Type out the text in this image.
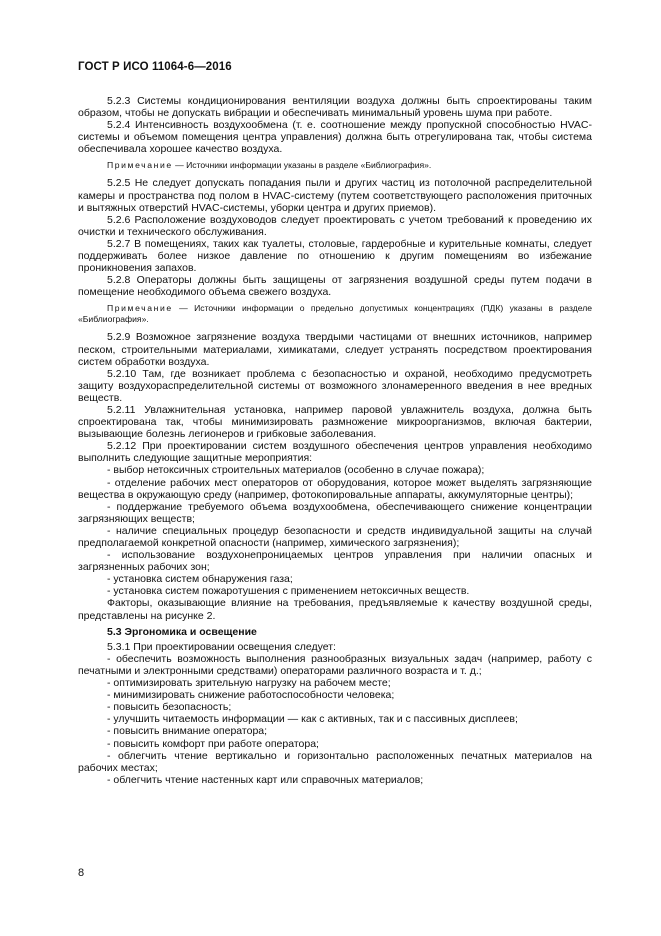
ГОСТ Р ИСО 11064-6—2016

5.2.3 Системы кондиционирования вентиляции воздуха должны быть спроектированы таким образом, чтобы не допускать вибрации и обеспечивать минимальный уровень шума при работе.

5.2.4 Интенсивность воздухообмена (т. е. соотношение между пропускной способностью HVAC-системы и объемом помещения центра управления) должна быть отрегулирована так, чтобы система обеспечивала хорошее качество воздуха.

Примечание — Источники информации указаны в разделе «Библиография».

5.2.5 Не следует допускать попадания пыли и других частиц из потолочной распределительной камеры и пространства под полом в HVAC-систему (путем соответствующего расположения приточных и вытяжных отверстий HVAC-системы, уборки центра и других приемов).

5.2.6 Расположение воздуховодов следует проектировать с учетом требований к проведению их очистки и технического обслуживания.

5.2.7 В помещениях, таких как туалеты, столовые, гардеробные и курительные комнаты, следует поддерживать более низкое давление по отношению к другим помещениям во избежание проникновения запахов.

5.2.8 Операторы должны быть защищены от загрязнения воздушной среды путем подачи в помещение необходимого объема свежего воздуха.

Примечание — Источники информации о предельно допустимых концентрациях (ПДК) указаны в разделе «Библиография».

5.2.9 Возможное загрязнение воздуха твердыми частицами от внешних источников, например песком, строительными материалами, химикатами, следует устранять посредством проектирования систем обработки воздуха.

5.2.10 Там, где возникает проблема с безопасностью и охраной, необходимо предусмотреть защиту воздухораспределительной системы от возможного злонамеренного введения в нее вредных веществ.

5.2.11 Увлажнительная установка, например паровой увлажнитель воздуха, должна быть спроектирована так, чтобы минимизировать размножение микроорганизмов, включая бактерии, вызывающие болезнь легионеров и грибковые заболевания.

5.2.12 При проектировании систем воздушного обеспечения центров управления необходимо выполнить следующие защитные мероприятия:

- выбор нетоксичных строительных материалов (особенно в случае пожара);

- отделение рабочих мест операторов от оборудования, которое может выделять загрязняющие вещества в окружающую среду (например, фотокопировальные аппараты, аккумуляторные центры);

- поддержание требуемого объема воздухообмена, обеспечивающего снижение концентрации загрязняющих веществ;

- наличие специальных процедур безопасности и средств индивидуальной защиты на случай предполагаемой конкретной опасности (например, химического загрязнения);

- использование воздухонепроницаемых центров управления при наличии опасных и загрязненных рабочих зон;

- установка систем обнаружения газа;

- установка систем пожаротушения с применением нетоксичных веществ.

Факторы, оказывающие влияние на требования, предъявляемые к качеству воздушной среды, представлены на рисунке 2.

5.3 Эргономика и освещение

5.3.1 При проектировании освещения следует:

- обеспечить возможность выполнения разнообразных визуальных задач (например, работу с печатными и электронными средствами) операторами различного возраста и т. д.;

- оптимизировать зрительную нагрузку на рабочем месте;

- минимизировать снижение работоспособности человека;

- повысить безопасность;

- улучшить читаемость информации — как с активных, так и с пассивных дисплеев;

- повысить внимание оператора;

- повысить комфорт при работе оператора;

- облегчить чтение вертикально и горизонтально расположенных печатных материалов на рабочих местах;

- облегчить чтение настенных карт или справочных материалов;

8
